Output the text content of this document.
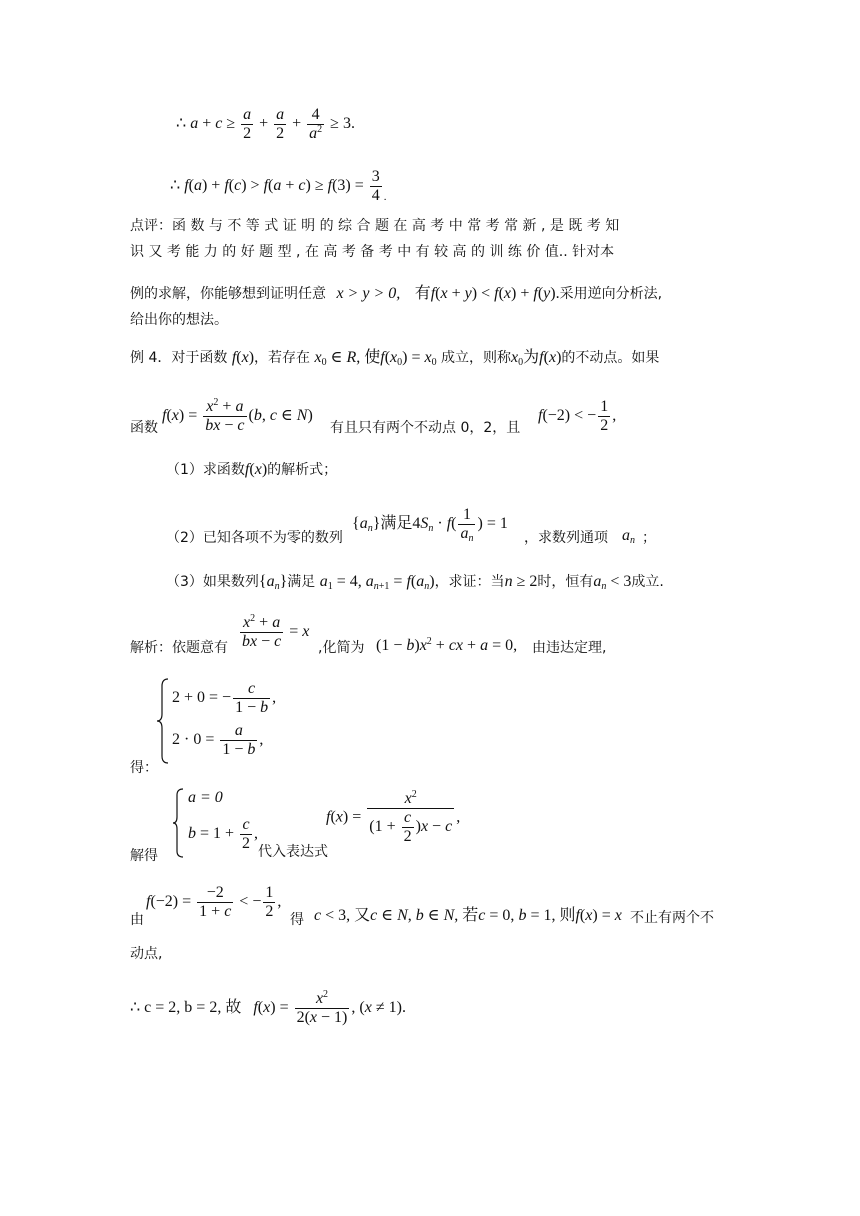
∴ $a + c \ge \frac{a}{2} + \frac{a}{2} + \frac{4}{a^2} \ge 3$.
∴ $f(a) + f(c) > f(a + c) \ge f(3) = \frac{3}{4} _.$
点评：函 数 与 不 等 式 证 明 的 综 合 题 在 高 考 中 常 考 常 新 , 是 既 考 知
识 又 考 能 力 的 好 题 型 , 在 高 考 备 考 中 有 较 高 的 训 练 价 值.. 针对本
例的求解，你能够想到证明任意 x > y > 0, 有f(x + y) < f(x) + f(y).采用逆向分析法,
给出你的想法。
例 4．对于函数 f(x)，若存在 $x_0$ ∈ R, 使$f(x_0) = x_0$ 成立，则称$x_0$为f(x)的不动点。如果
函数
$f(x) = \frac{x^2 + a}{bx - c} (b$, c ∈ N)
有且只有两个不动点 0，2，且
f(−2) < − $\frac{1}{2}$ ,
（1）求函数f(x)的解析式；
（2）已知各项不为零的数列
$\{a_n\}$满足$4S_n \cdot f( \frac{1}{a_n}$ ) = 1
，求数列通项 $a_n$ ；
（3）如果数列$\{a_n\}$满足 $a_1 = 4$, $a_{n+1} = f(a_n)$，求证：当n ≥ 2时，恒有$a_n < 3$成立.
解析：依题意有 $\frac{x^2 + a}{bx - c} = x$
,化简为 $(1 - b)x^2$ + cx + a = 0, 由违达定理,
2 + 0 = − $\frac{c}{1 - b}$ ,
$2 \cdot 0 = \frac{a}{1 - b}$ ,
得：
a = 0
$b = 1 + \frac{c}{2}$ ,
解得	代入表达式
$f(x) = \frac{x^2}{(1 + \frac{c}{2} )x - c}$ ,
由
$f(-2) = \frac{-2}{1 + c}$ < − $\frac{1}{2}$ ,
得 c < 3, 又c ∈ N, b ∈ N, 若c = 0, b = 1, 则f(x) = x 不止有两个不
动点,
∴ c = 2, b = 2, 故 $f(x) = \frac{x^2}{2(x - 1)}$ , (x ≠ 1).
